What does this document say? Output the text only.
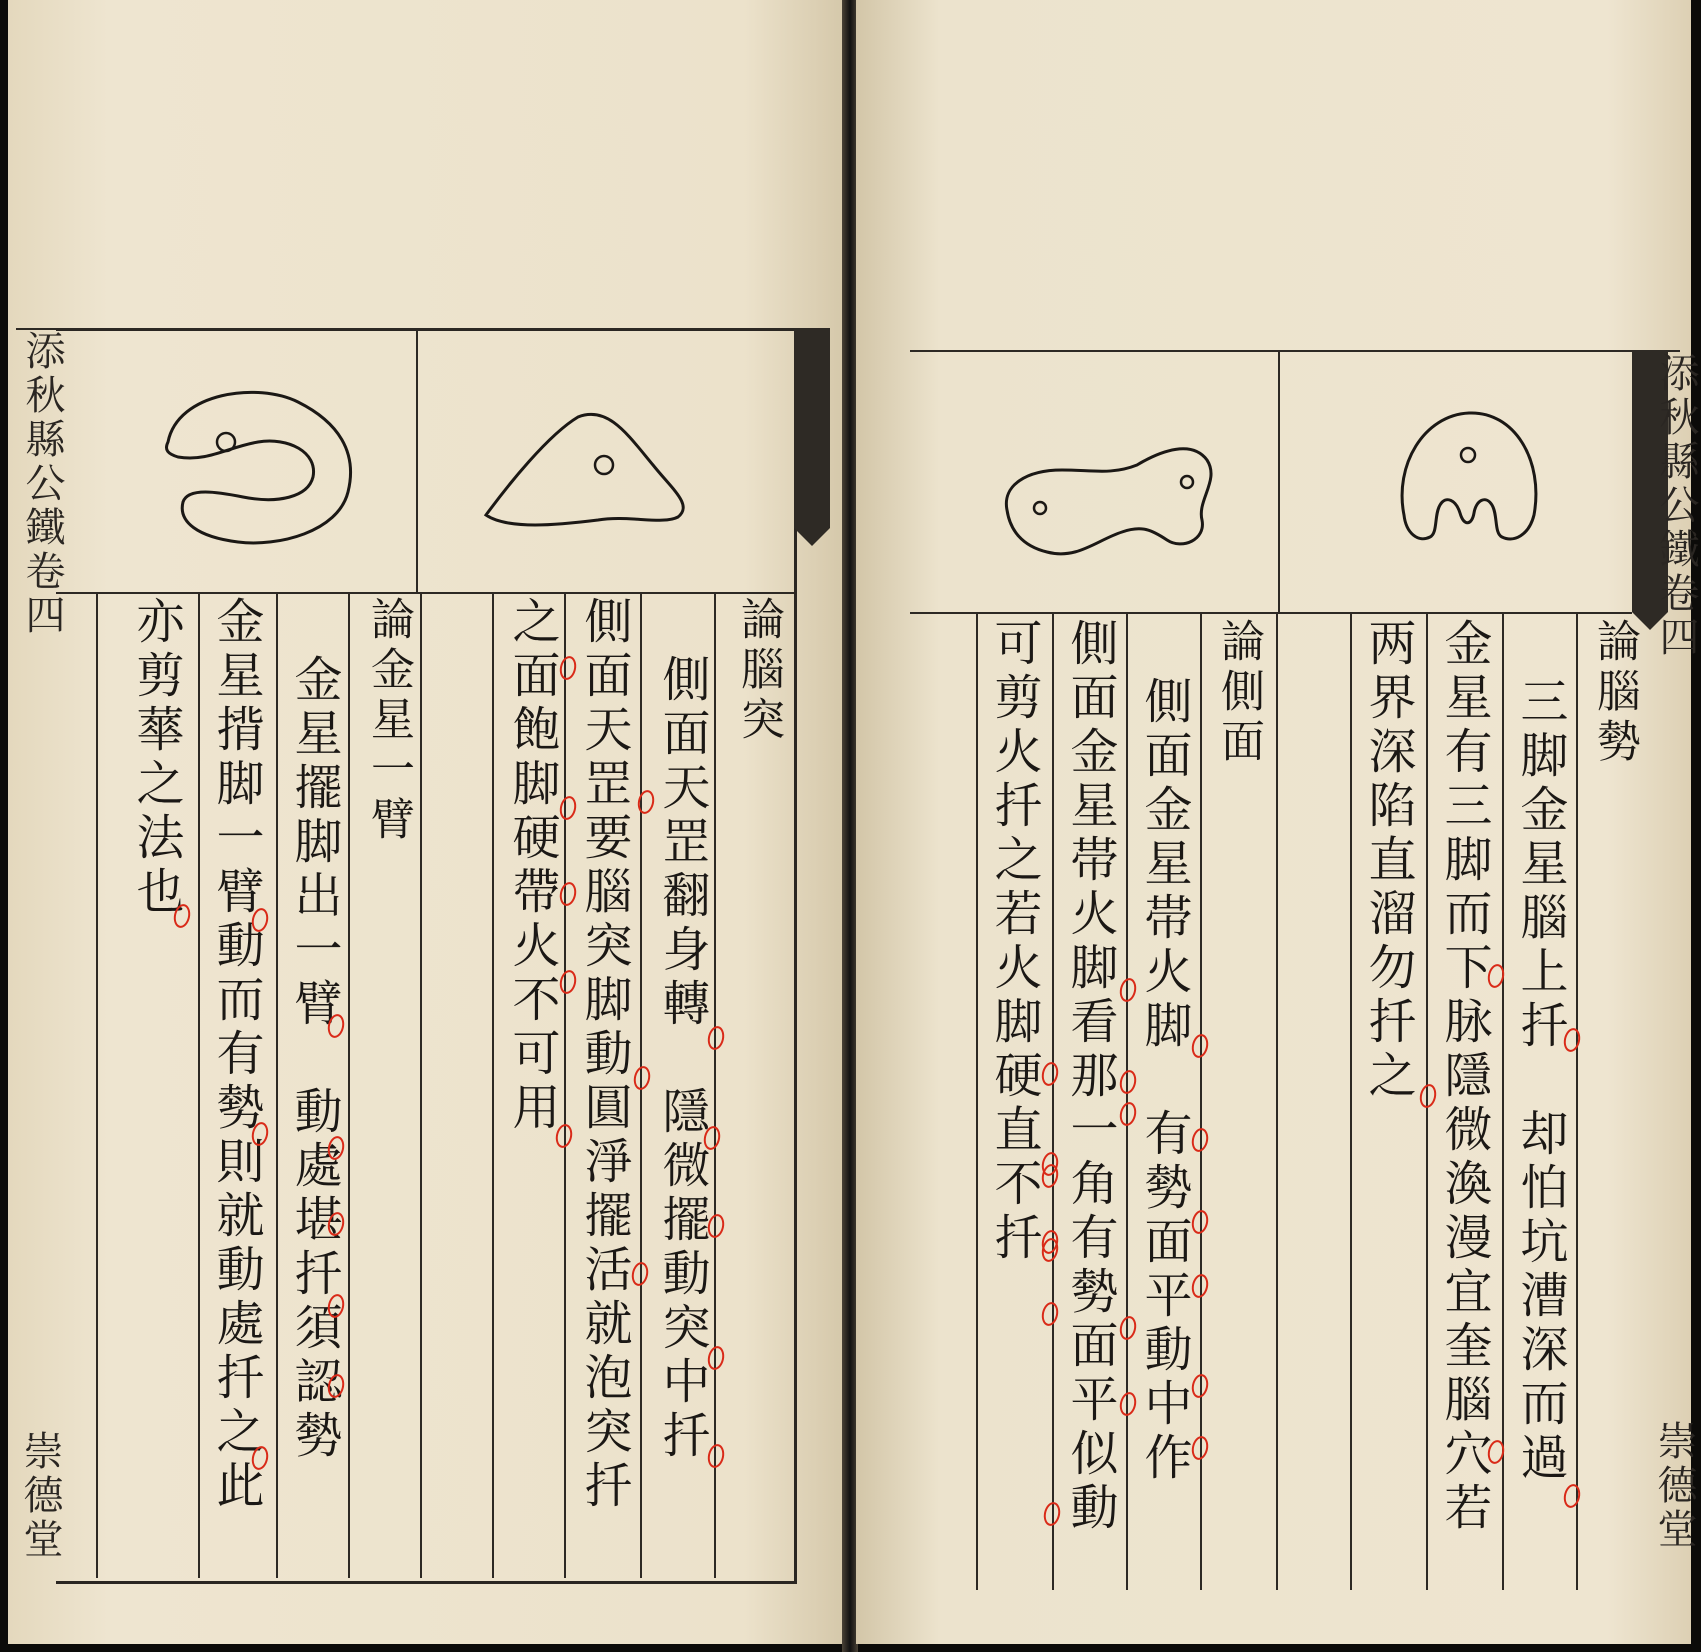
論腦突
側面天罡翻身轉　隱微擺動突中扦
側面天罡要腦突脚動圓淨擺活就泡突扦
之面飽脚硬帶火不可用
論金星一臂
金星擺脚出一臂　動處堪扦須認勢
金星揹脚一臂動而有勢則就動處扦之此
亦剪蕐之法也
添秋縣公鐵卷四
崇德堂
論腦勢
三脚金星腦上扦　却怕坑漕深而過
金星有三脚而下脉隱微渙漫宜奎腦穴若
两界深陷直溜勿扦之
論側面
側面金星帯火脚　有勢面平動中作
側面金星帯火脚看那一角有勢面平似動
可剪火扦之若火脚硬直不扦
添秋縣公鐵卷四
崇德堂
